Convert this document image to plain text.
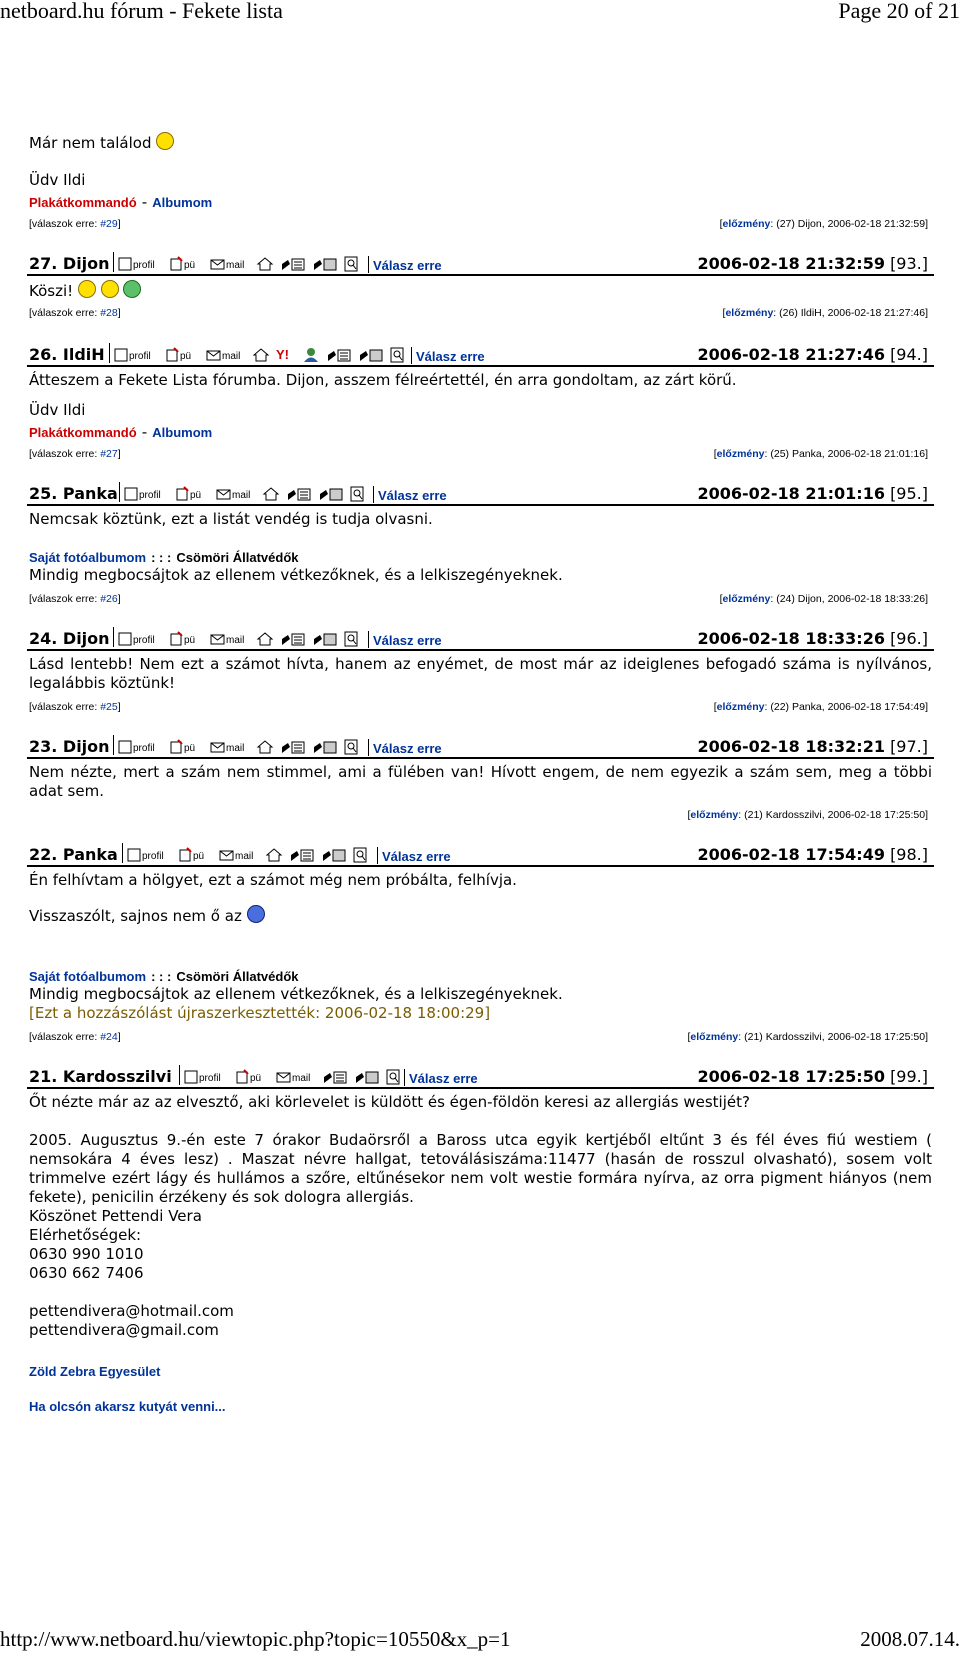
netboard.hu fórum - Fekete lista	Page 20 of 21
Már nem találod
Üdv Ildi
Plakátkommandó - Albumom
[válaszok erre: #29]	[előzmény: (27) Dijon, 2006-02-18 21:32:59]
27. Dijon profil	pü	mail	Válasz erre	2006-02-18 21:32:59 [93.]
Köszi!
[válaszok erre: #28]	[előzmény: (26) IldiH, 2006-02-18 21:27:46]
26. IldiH profil	pü	mail	Y!	Válasz erre	2006-02-18 21:27:46 [94.]
Átteszem a Fekete Lista fórumba. Dijon, asszem félreértettél, én arra gondoltam, az zárt körű.
Üdv Ildi
Plakátkommandó - Albumom
[válaszok erre: #27]	[előzmény: (25) Panka, 2006-02-18 21:01:16]
25. Panka profil	pü	mail	Válasz erre	2006-02-18 21:01:16 [95.]
Nemcsak köztünk, ezt a listát vendég is tudja olvasni.
Saját fotóalbumom : : : Csömöri Állatvédők
Mindig megbocsájtok az ellenem vétkezőknek, és a lelkiszegényeknek.
[válaszok erre: #26]	[előzmény: (24) Dijon, 2006-02-18 18:33:26]
24. Dijon profil	pü	mail	Válasz erre	2006-02-18 18:33:26 [96.]
Lásd lentebb! Nem ezt a számot hívta, hanem az enyémet, de most már az ideiglenes befogadó száma is nyílvános, legalábbis köztünk!
[válaszok erre: #25]	[előzmény: (22) Panka, 2006-02-18 17:54:49]
23. Dijon profil	pü	mail	Válasz erre	2006-02-18 18:32:21 [97.]
Nem nézte, mert a szám nem stimmel, ami a fülében van! Hívott engem, de nem egyezik a szám sem, meg a többi adat sem.
[előzmény: (21) Kardosszilvi, 2006-02-18 17:25:50]
22. Panka profil	pü	mail	Válasz erre	2006-02-18 17:54:49 [98.]
Én felhívtam a hölgyet, ezt a számot még nem próbálta, felhívja.
Visszaszólt, sajnos nem ő az
Saját fotóalbumom : : : Csömöri Állatvédők
Mindig megbocsájtok az ellenem vétkezőknek, és a lelkiszegényeknek.
[Ezt a hozzászólást újraszerkesztették: 2006-02-18 18:00:29]
[válaszok erre: #24]	[előzmény: (21) Kardosszilvi, 2006-02-18 17:25:50]
21. Kardosszilvi	profil	pü	mail	Válasz erre	2006-02-18 17:25:50 [99.]
Őt nézte már az az elvesztő, aki körlevelet is küldött és égen-földön keresi az allergiás westijét?
2005. Augusztus 9.-én este 7 órakor Budaörsről a Baross utca egyik kertjéből eltűnt 3 és fél éves fiú westiem ( nemsokára 4 éves lesz) . Maszat névre hallgat, tetoválásiszáma:11477 (hasán de rosszul olvasható), sosem volt trimmelve ezért lágy és hullámos a szőre, eltűnésekor nem volt westie formára nyírva, az orra pigment hiányos (nem fekete), penicilin érzékeny és sok dologra allergiás.
Köszönet Pettendi Vera
Elérhetőségek:
0630 990 1010
0630 662 7406
pettendivera@hotmail.com
pettendivera@gmail.com
Zöld Zebra Egyesület
Ha olcsón akarsz kutyát venni...
http://www.netboard.hu/viewtopic.php?topic=10550&x_p=1	2008.07.14.
